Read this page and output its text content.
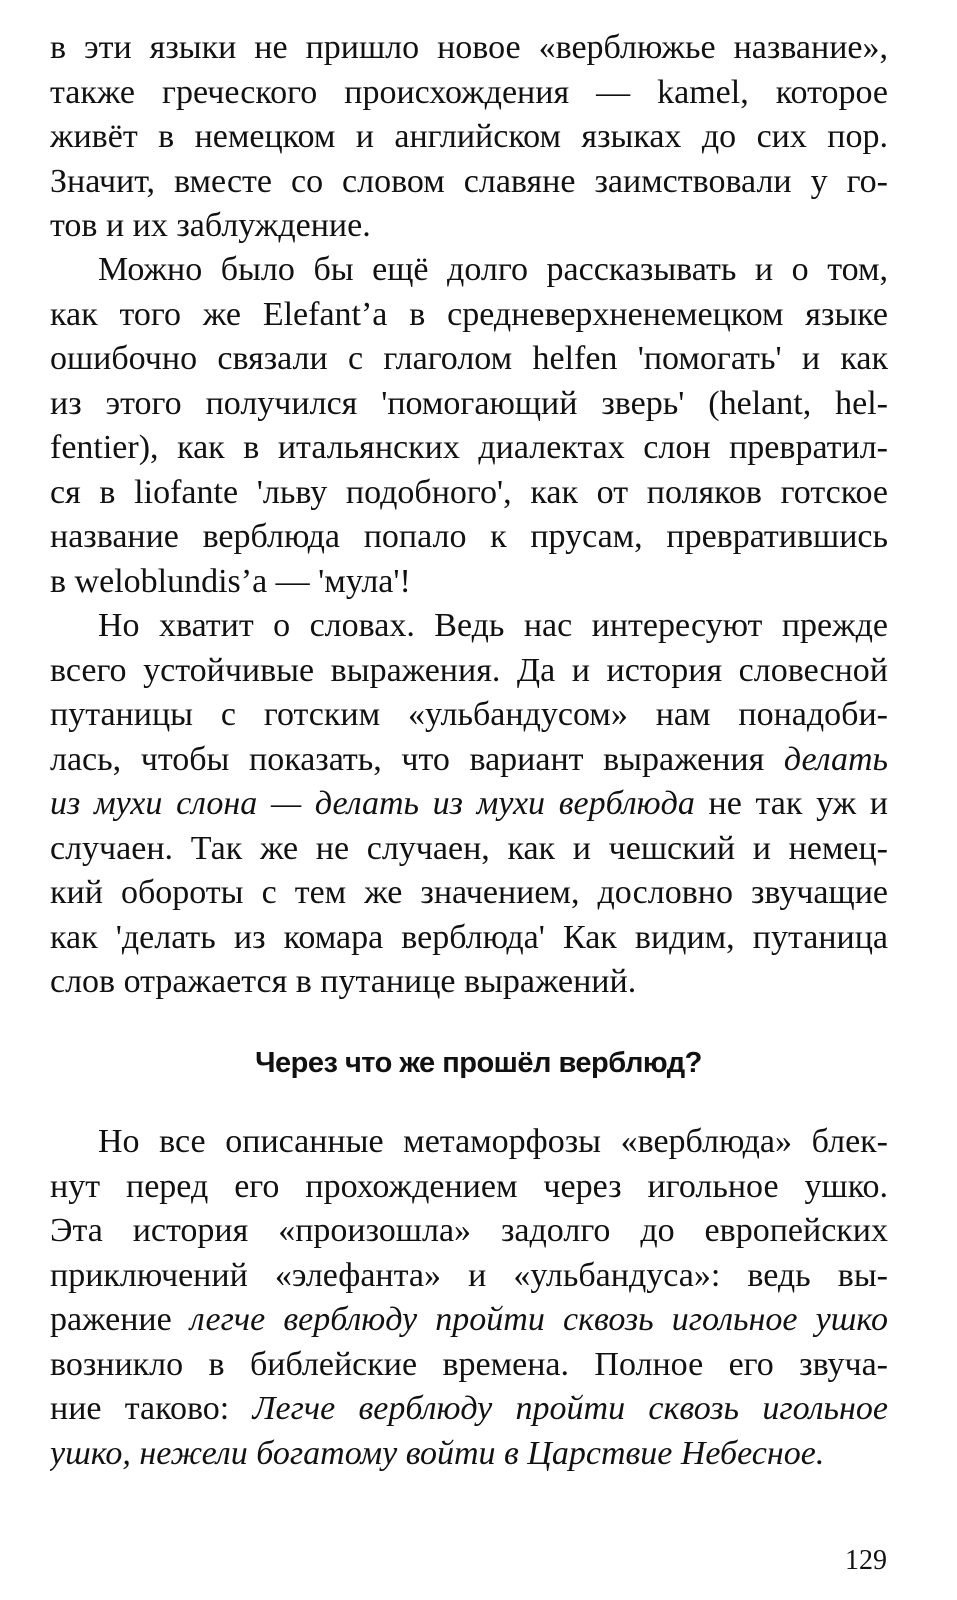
в эти языки не пришло новое «верблюжье название»,
также греческого происхождения — kamel, которое
живёт в немецком и английском языках до сих пор.
Значит, вместе со словом славяне заимствовали у го-
тов и их заблуждение.
Можно было бы ещё долго рассказывать и о том,
как того же Elefant’а в средневерхненемецком языке
ошибочно связали с глаголом helfen 'помогать' и как
из этого получился 'помогающий зверь' (helant, hel-
fentier), как в итальянских диалектах слон превратил-
ся в liofante 'льву подобного', как от поляков готское
название верблюда попало к прусам, превратившись
в weloblundis’а — 'мула'!
Но хватит о словах. Ведь нас интересуют прежде
всего устойчивые выражения. Да и история словесной
путаницы с готским «ульбандусом» нам понадоби-
лась, чтобы показать, что вариант выражения делать
из мухи слона — делать из мухи верблюда не так уж и
случаен. Так же не случаен, как и чешский и немец-
кий обороты с тем же значением, дословно звучащие
как 'делать из комара верблюда' Как видим, путаница
слов отражается в путанице выражений.
Через что же прошёл верблюд?
Но все описанные метаморфозы «верблюда» блек-
нут перед его прохождением через игольное ушко.
Эта история «произошла» задолго до европейских
приключений «элефанта» и «ульбандуса»: ведь вы-
ражение легче верблюду пройти сквозь игольное ушко
возникло в библейские времена. Полное его звуча-
ние таково: Легче верблюду пройти сквозь игольное
ушко, нежели богатому войти в Царствие Небесное.
129
